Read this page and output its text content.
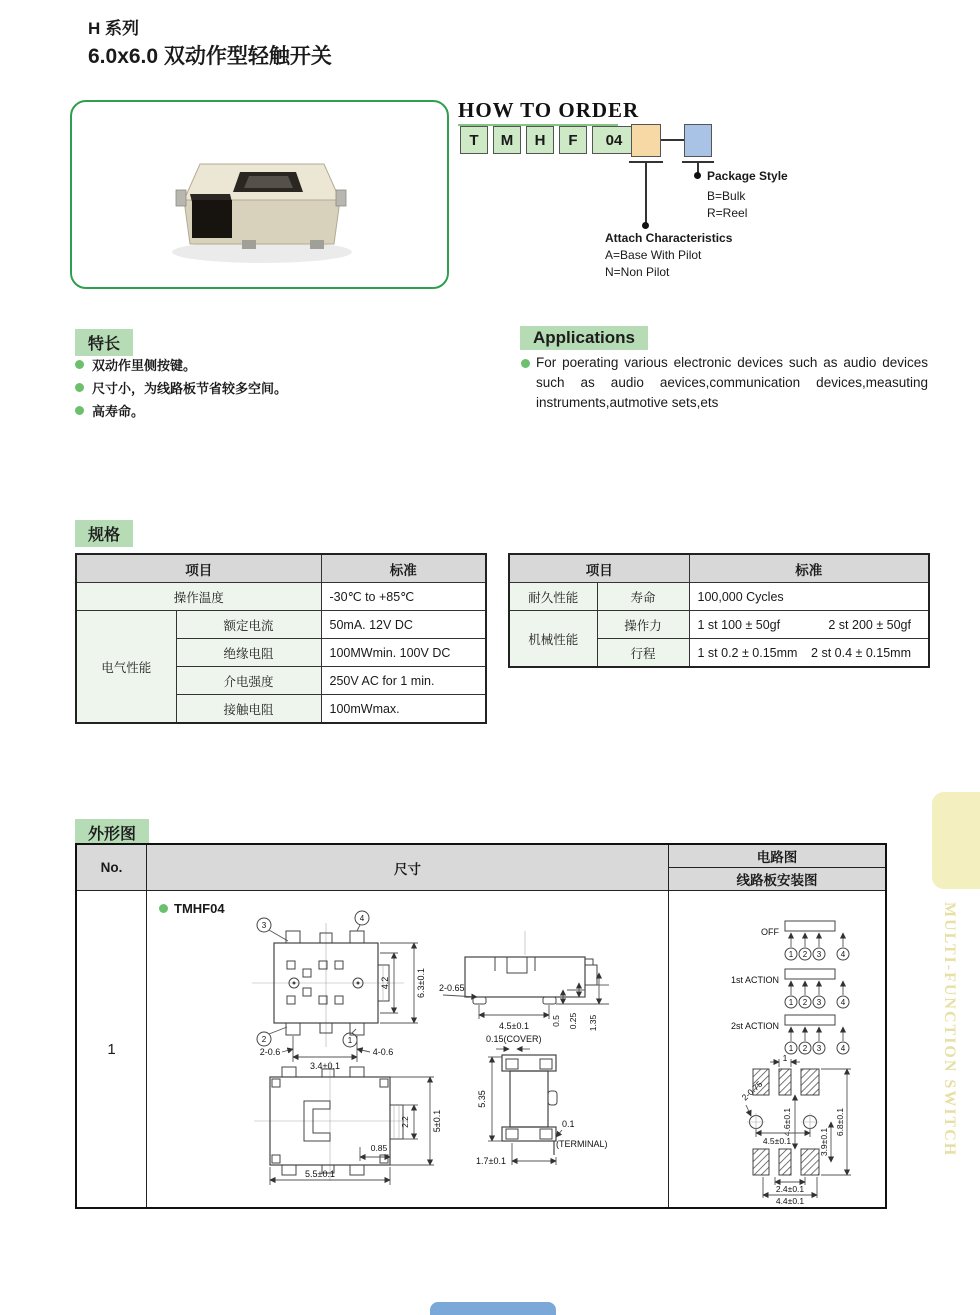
H 系列
6.0x6.0 双动作型轻触开关
HOW TO ORDER
T	M	H	F	04
Package Style
B=Bulk
R=Reel
Attach Characteristics
A=Base With Pilot
N=Non Pilot
特长
双动作里侧按键。
尺寸小，为线路板节省较多空间。
高寿命。
Applications
For poerating various electronic devices such as audio devices such as audio aevices,communication devices,measuting instruments,autmotive sets,ets
规格
项目		标准
操作温度		-30℃ to +85℃
电气性能	额定电流	50mA. 12V DC
	绝缘电阻	100MWmin. 100V DC
	介电强度	250V AC for 1 min.
	接触电阻	100mWmax.
项目		标准
耐久性能	寿命	100,000 Cycles
机械性能	操作力	1 st 100 ± 50gf 2 st 200 ± 50gf

	行程	1 st 0.2 ± 0.15mm 2 st 0.4 ± 0.15mm
外形图
No.	尺寸
电路图
线路板安装图
1
TMHF04
3
4
2	1
4.2	6.3±0.1
3.4±0.1
2-0.6	4-0.6
2-0.65
4.5±0.1	0.5 0.25 1.35
2.2 5±0.1
0.85
5.5±0.1
0.15(COVER)
5.35
0.1
(TERMINAL)
1.7±0.1
OFF
1 2 3 4
1st ACTION
1 2 3 4
2st ACTION
1 2 3 4
1
4.6±0.1
3.9±0.1
6.8±0.1
4.5±0.1
2.4±0.1
4.4±0.1
2-0.75	MULTI-FUNCTION SWITCH
